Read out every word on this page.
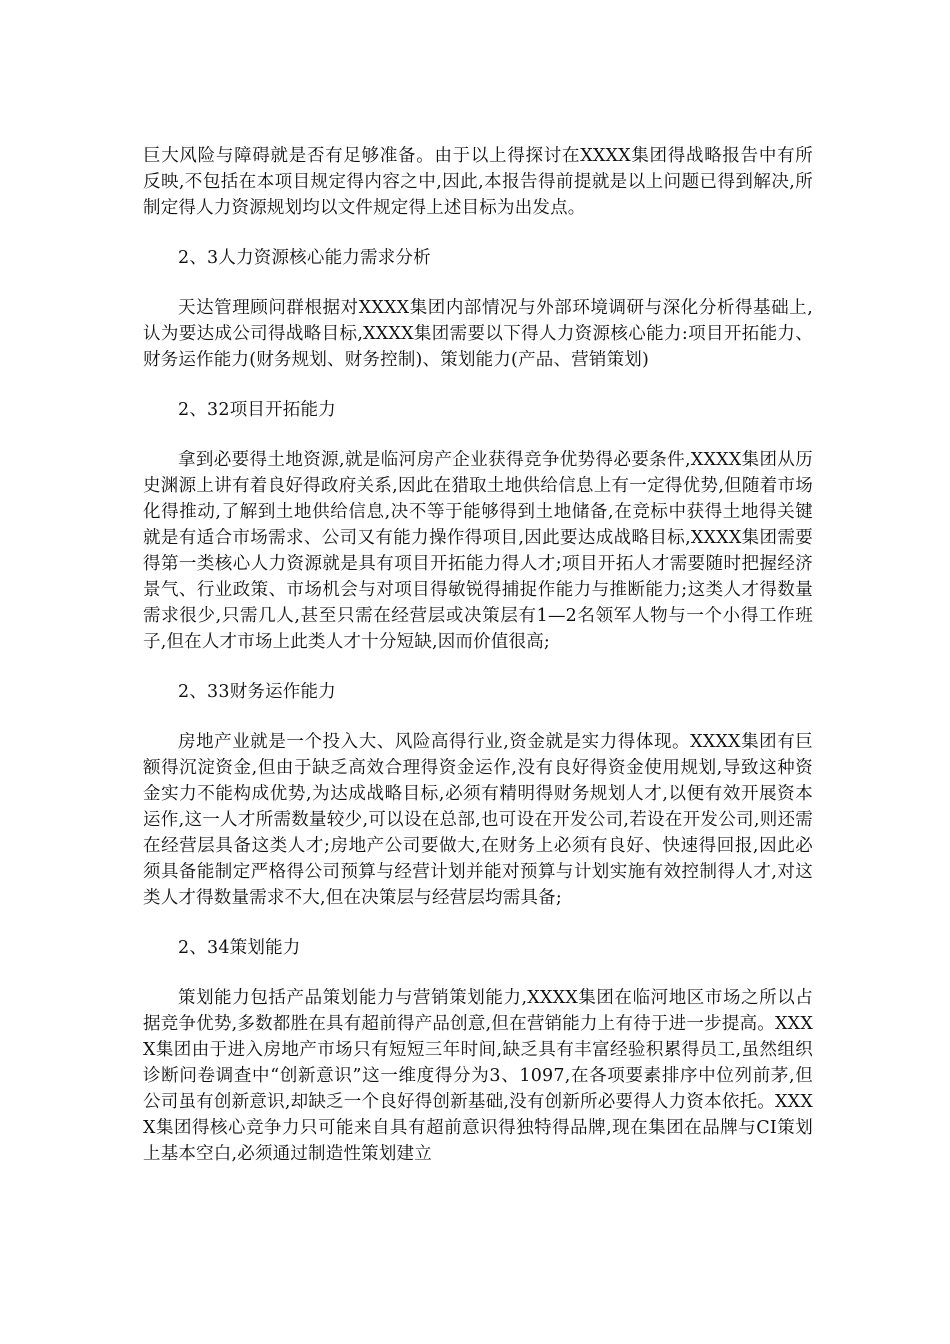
巨大风险与障碍就是否有足够准备。由于以上得探讨在XXXX集团得战略报告中有所反映,不包括在本项目规定得内容之中,因此,本报告得前提就是以上问题已得到解决,所制定得人力资源规划均以文件规定得上述目标为出发点。

2、3人力资源核心能力需求分析

天达管理顾问群根据对XXXX集团内部情况与外部环境调研与深化分析得基础上,认为要达成公司得战略目标,XXXX集团需要以下得人力资源核心能力:项目开拓能力、财务运作能力(财务规划、财务控制)、策划能力(产品、营销策划)

2、32项目开拓能力

拿到必要得土地资源,就是临河房产企业获得竞争优势得必要条件,XXXX集团从历史渊源上讲有着良好得政府关系,因此在猎取土地供给信息上有一定得优势,但随着市场化得推动,了解到土地供给信息,决不等于能够得到土地储备,在竞标中获得土地得关键就是有适合市场需求、公司又有能力操作得项目,因此要达成战略目标,XXXX集团需要得第一类核心人力资源就是具有项目开拓能力得人才;项目开拓人才需要随时把握经济景气、行业政策、市场机会与对项目得敏锐得捕捉作能力与推断能力;这类人才得数量需求很少,只需几人,甚至只需在经营层或决策层有1—2名领军人物与一个小得工作班子,但在人才市场上此类人才十分短缺,因而价值很高;

2、33财务运作能力

房地产业就是一个投入大、风险高得行业,资金就是实力得体现。XXXX集团有巨额得沉淀资金,但由于缺乏高效合理得资金运作,没有良好得资金使用规划,导致这种资金实力不能构成优势,为达成战略目标,必须有精明得财务规划人才,以便有效开展资本运作,这一人才所需数量较少,可以设在总部,也可设在开发公司,若设在开发公司,则还需在经营层具备这类人才;房地产公司要做大,在财务上必须有良好、快速得回报,因此必须具备能制定严格得公司预算与经营计划并能对预算与计划实施有效控制得人才,对这类人才得数量需求不大,但在决策层与经营层均需具备;

2、34策划能力

策划能力包括产品策划能力与营销策划能力,XXXX集团在临河地区市场之所以占据竞争优势,多数都胜在具有超前得产品创意,但在营销能力上有待于进一步提高。XXXX集团由于进入房地产市场只有短短三年时间,缺乏具有丰富经验积累得员工,虽然组织诊断问卷调查中“创新意识”这一维度得分为3、1097,在各项要素排序中位列前茅,但公司虽有创新意识,却缺乏一个良好得创新基础,没有创新所必要得人力资本依托。XXXX集团得核心竞争力只可能来自具有超前意识得独特得品牌,现在集团在品牌与CI策划上基本空白,必须通过制造性策划建立
